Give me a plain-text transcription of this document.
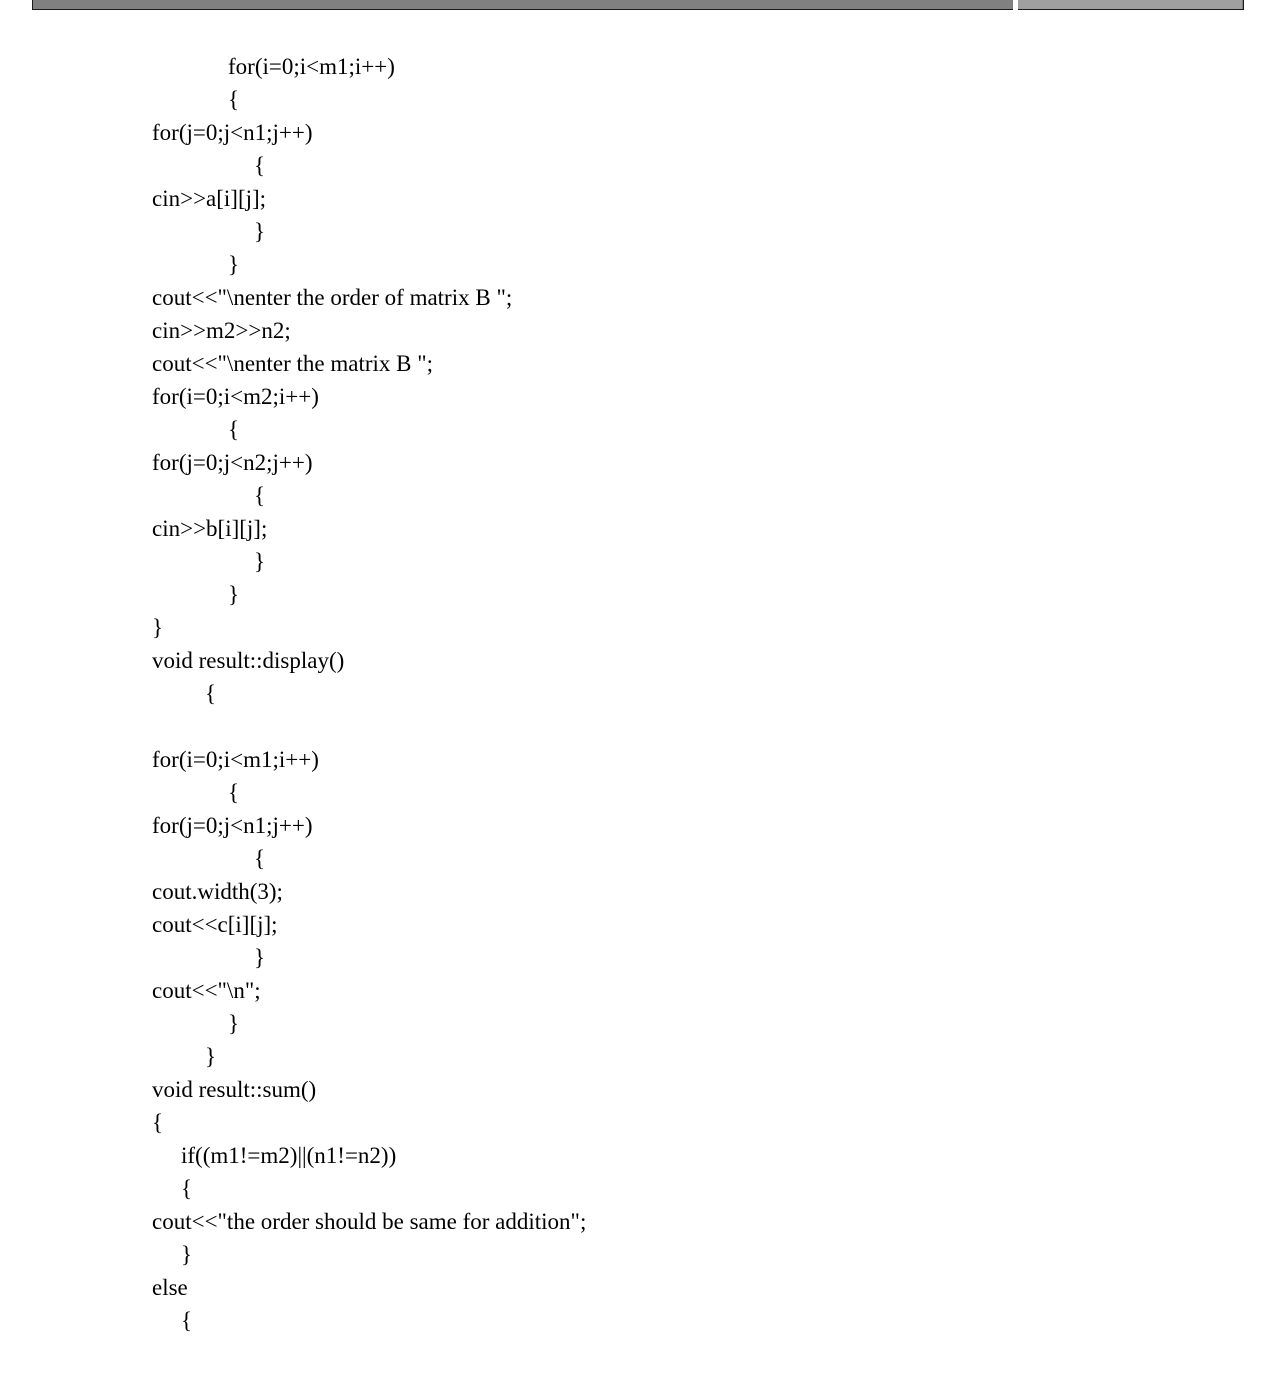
for(i=0;i<m1;i++)
{
for(j=0;j<n1;j++)
{
cin>>a[i][j];
}
}
cout<<"\nenter the order of matrix B ";
cin>>m2>>n2;
cout<<"\nenter the matrix B ";
for(i=0;i<m2;i++)
{
for(j=0;j<n2;j++)
{
cin>>b[i][j];
}
}
}
void result::display()
{
for(i=0;i<m1;i++)
{
for(j=0;j<n1;j++)
{
cout.width(3);
cout<<c[i][j];
}
cout<<"\n";
}
}
void result::sum()
{
if((m1!=m2)||(n1!=n2))
{
cout<<"the order should be same for addition";
}
else
{
